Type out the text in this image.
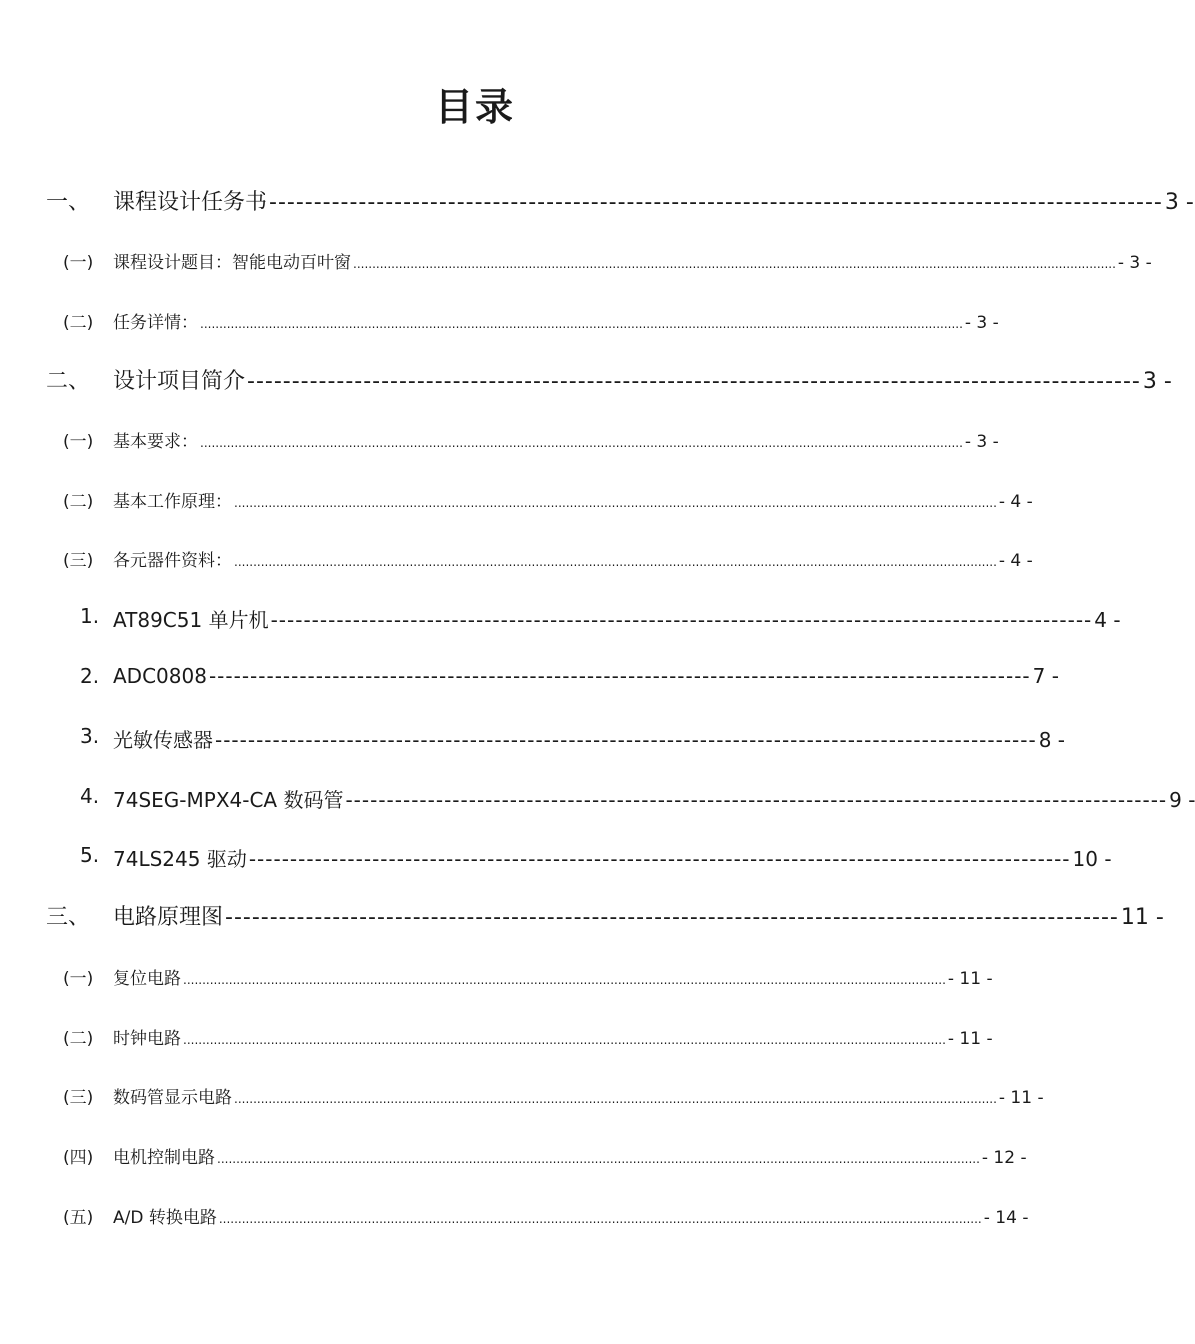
目录
一、 课程设计任务书 ---------------------------------------------------------------------------------------------------- 3 -
(一) 课程设计题目：智能电动百叶窗 ........................................................................................................................................................................................................ - 3 -
(二) 任务详情： ........................................................................................................................................................................................................ - 3 -
二、 设计项目简介 ---------------------------------------------------------------------------------------------------- 3 -
(一) 基本要求： ........................................................................................................................................................................................................ - 3 -
(二) 基本工作原理： ........................................................................................................................................................................................................ - 4 -
(三) 各元器件资料： ........................................................................................................................................................................................................ - 4 -
1. AT89C51 单片机 ---------------------------------------------------------------------------------------------------- 4 -
2. ADC0808 ---------------------------------------------------------------------------------------------------- 7 -
3. 光敏传感器 ---------------------------------------------------------------------------------------------------- 8 -
4. 74SEG-MPX4-CA 数码管 ---------------------------------------------------------------------------------------------------- 9 -
5. 74LS245 驱动 ---------------------------------------------------------------------------------------------------- 10 -
三、 电路原理图 ---------------------------------------------------------------------------------------------------- 11 -
(一) 复位电路 ........................................................................................................................................................................................................ - 11 -
(二) 时钟电路 ........................................................................................................................................................................................................ - 11 -
(三) 数码管显示电路 ........................................................................................................................................................................................................ - 11 -
(四) 电机控制电路 ........................................................................................................................................................................................................ - 12 -
(五) A/D 转换电路 ........................................................................................................................................................................................................ - 14 -
